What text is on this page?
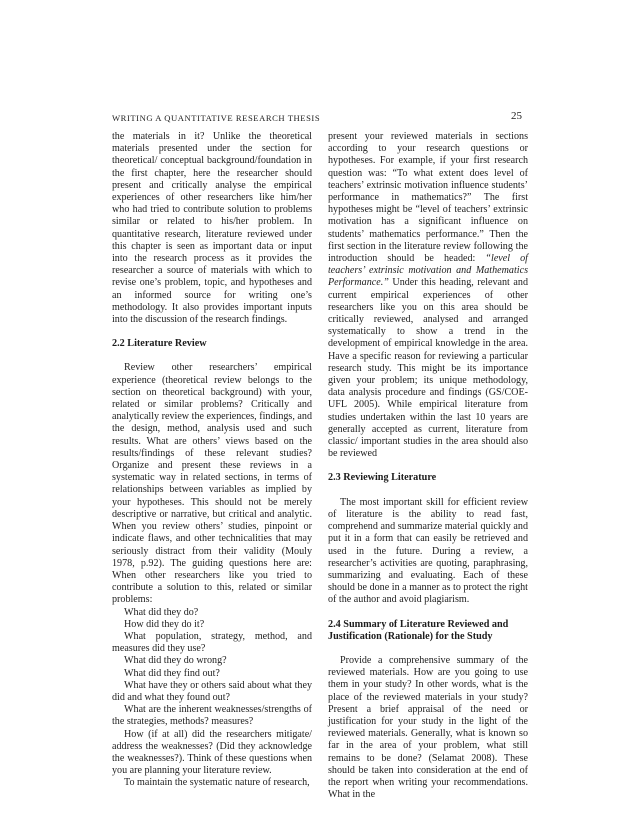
WRITING A QUANTITATIVE RESEARCH THESIS	25

the materials in it? Unlike the theoretical materials presented under the section for theoretical/ conceptual background/foundation in the first chapter, here the researcher should present and critically analyse the empirical experiences of other researchers like him/her who had tried to contribute solution to problems similar or related to his/her problem. In quantitative research, literature reviewed under this chapter is seen as important data or input into the research process as it provides the researcher a source of materials with which to revise one’s problem, topic, and hypotheses and an informed source for writing one’s methodology. It also provides important inputs into the discussion of the research findings.

2.2 Literature Review

Review other researchers’ empirical experience (theoretical review belongs to the section on theoretical background) with your, related or similar problems? Critically and analytically review the experiences, findings, and the design, method, analysis used and such results. What are others’ views based on the results/findings of these relevant studies? Organize and present these reviews in a systematic way in related sections, in terms of relationships between variables as implied by your hypotheses. This should not be merely descriptive or narrative, but critical and analytic. When you review others’ studies, pinpoint or indicate flaws, and other technicalities that may seriously distract from their validity (Mouly 1978, p.92). The guiding questions here are: When other researchers like you tried to contribute a solution to this, related or similar problems:

What did they do?

How did they do it?

What population, strategy, method, and measures did they use?

What did they do wrong?

What did they find out?

What have they or others said about what they did and what they found out?

What are the inherent weaknesses/strengths of the strategies, methods? measures?

How (if at all) did the researchers mitigate/ address the weaknesses? (Did they acknowledge the weaknesses?). Think of these questions when you are planning your literature review.

To maintain the systematic nature of research,

present your reviewed materials in sections according to your research questions or hypotheses. For example, if your first research question was: “To what extent does level of teachers’ extrinsic motivation influence students’ performance in mathematics?” The first hypotheses might be “level of teachers’ extrinsic motivation has a significant influence on students’ mathematics performance.” Then the first section in the literature review following the introduction should be headed: “level of teachers’ extrinsic motivation and Mathematics Performance.” Under this heading, relevant and current empirical experiences of other researchers like you on this area should be critically reviewed, analysed and arranged systematically to show a trend in the development of empirical knowledge in the area. Have a specific reason for reviewing a particular research study. This might be its importance given your problem; its unique methodology, data analysis procedure and findings (GS/COE-UFL 2005). While empirical literature from studies undertaken within the last 10 years are generally accepted as current, literature from classic/ important studies in the area should also be reviewed

2.3 Reviewing Literature

The most important skill for efficient review of literature is the ability to read fast, comprehend and summarize material quickly and put it in a form that can easily be retrieved and used in the future. During a review, a researcher’s activities are quoting, paraphrasing, summarizing and evaluating. Each of these should be done in a manner as to protect the right of the author and avoid plagiarism.

2.4 Summary of Literature Reviewed and
Justification (Rationale) for the Study

Provide a comprehensive summary of the reviewed materials. How are you going to use them in your study? In other words, what is the place of the reviewed materials in your study? Present a brief appraisal of the need or justification for your study in the light of the reviewed materials. Generally, what is known so far in the area of your problem, what still remains to be done? (Selamat 2008). These should be taken into consideration at the end of the report when writing your recommendations. What in the
